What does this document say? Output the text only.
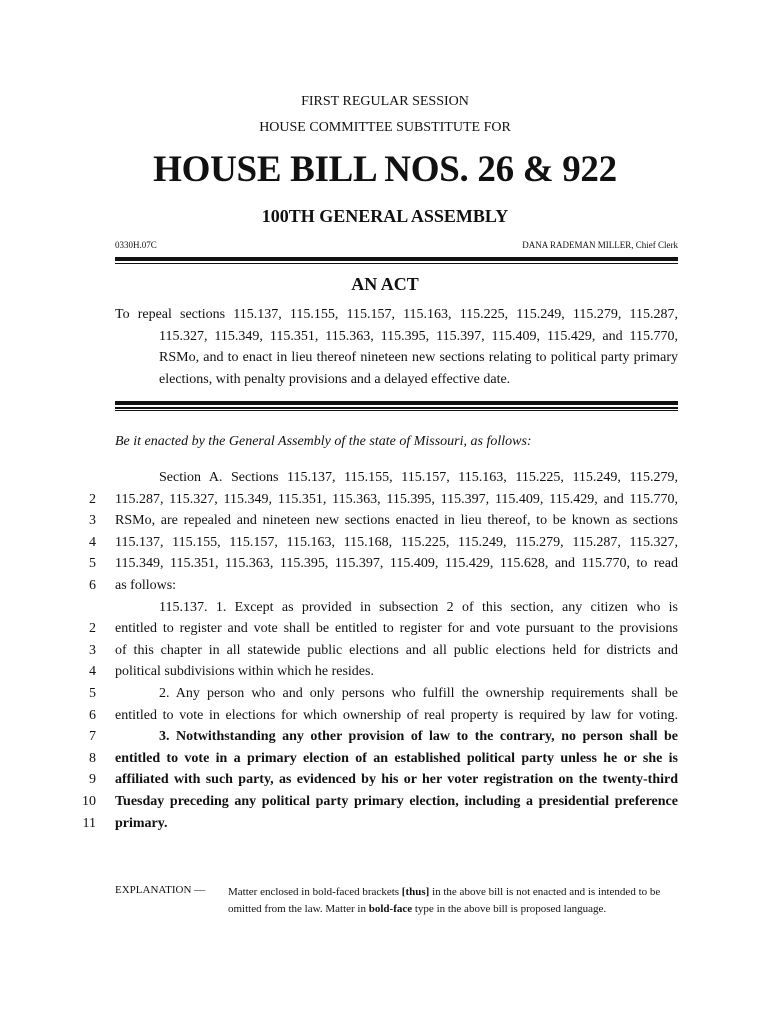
FIRST REGULAR SESSION
HOUSE COMMITTEE SUBSTITUTE FOR
HOUSE BILL NOS. 26 & 922
100TH GENERAL ASSEMBLY
0330H.07C	DANA RADEMAN MILLER, Chief Clerk
AN ACT
To repeal sections 115.137, 115.155, 115.157, 115.163, 115.225, 115.249, 115.279, 115.287,
115.327, 115.349, 115.351, 115.363, 115.395, 115.397, 115.409, 115.429, and 115.770, RSMo, and to enact in lieu thereof nineteen new sections relating to political party primary elections, with penalty provisions and a delayed effective date.
Be it enacted by the General Assembly of the state of Missouri, as follows:
Section A. Sections 115.137, 115.155, 115.157, 115.163, 115.225, 115.249, 115.279,
2 115.287, 115.327, 115.349, 115.351, 115.363, 115.395, 115.397, 115.409, 115.429, and 115.770,
3 RSMo, are repealed and nineteen new sections enacted in lieu thereof, to be known as sections
4 115.137, 115.155, 115.157, 115.163, 115.168, 115.225, 115.249, 115.279, 115.287, 115.327,
5 115.349, 115.351, 115.363, 115.395, 115.397, 115.409, 115.429, 115.628, and 115.770, to read
6 as follows:
115.137. 1. Except as provided in subsection 2 of this section, any citizen who is
2 entitled to register and vote shall be entitled to register for and vote pursuant to the provisions
3 of this chapter in all statewide public elections and all public elections held for districts and
4 political subdivisions within which he resides.
5	2. Any person who and only persons who fulfill the ownership requirements shall be
6 entitled to vote in elections for which ownership of real property is required by law for voting.
7	3. Notwithstanding any other provision of law to the contrary, no person shall be
8 entitled to vote in a primary election of an established political party unless he or she is
9 affiliated with such party, as evidenced by his or her voter registration on the twenty-third
10 Tuesday preceding any political party primary election, including a presidential preference
11 primary.
EXPLANATION — Matter enclosed in bold-faced brackets [thus] in the above bill is not enacted and is intended to be omitted from the law. Matter in bold-face type in the above bill is proposed language.
